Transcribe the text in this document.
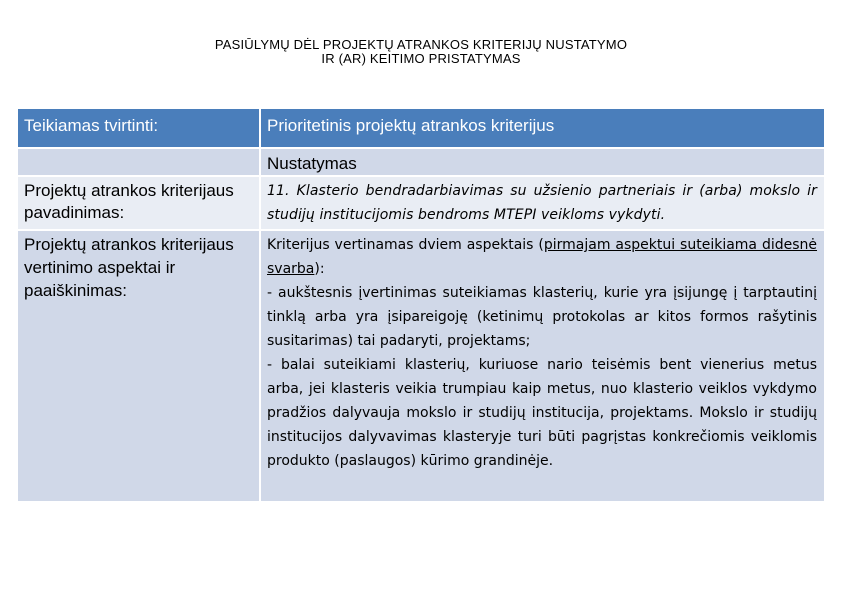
PASIŪLYMŲ DĖL PROJEKTŲ ATRANKOS KRITERIJŲ NUSTATYMO
IR (AR) KEITIMO PRISTATYMAS
Teikiamas tvirtinti:	Prioritetinis projektų atrankos kriterijus

	Nustatymas

Projektų atrankos kriterijaus pavadinimas:	11. Klasterio bendradarbiavimas su užsienio partneriais ir (arba) mokslo ir studijų institucijomis bendroms MTEPI veikloms vykdyti.

Projektų atrankos kriterijaus vertinimo aspektai ir paaiškinimas:	Kriterijus vertinamas dviem aspektais (pirmajam aspektui suteikiama didesnė svarba):
- aukštesnis įvertinimas suteikiamas klasterių, kurie yra įsijungę į tarptautinį tinklą arba yra įsipareigoję (ketinimų protokolas ar kitos formos rašytinis susitarimas) tai padaryti, projektams;
- balai suteikiami klasterių, kuriuose nario teisėmis bent vienerius metus arba, jei klasteris veikia trumpiau kaip metus, nuo klasterio veiklos vykdymo pradžios dalyvauja mokslo ir studijų institucija, projektams. Mokslo ir studijų institucijos dalyvavimas klasteryje turi būti pagrįstas konkrečiomis veiklomis produkto (paslaugos) kūrimo grandinėje.
